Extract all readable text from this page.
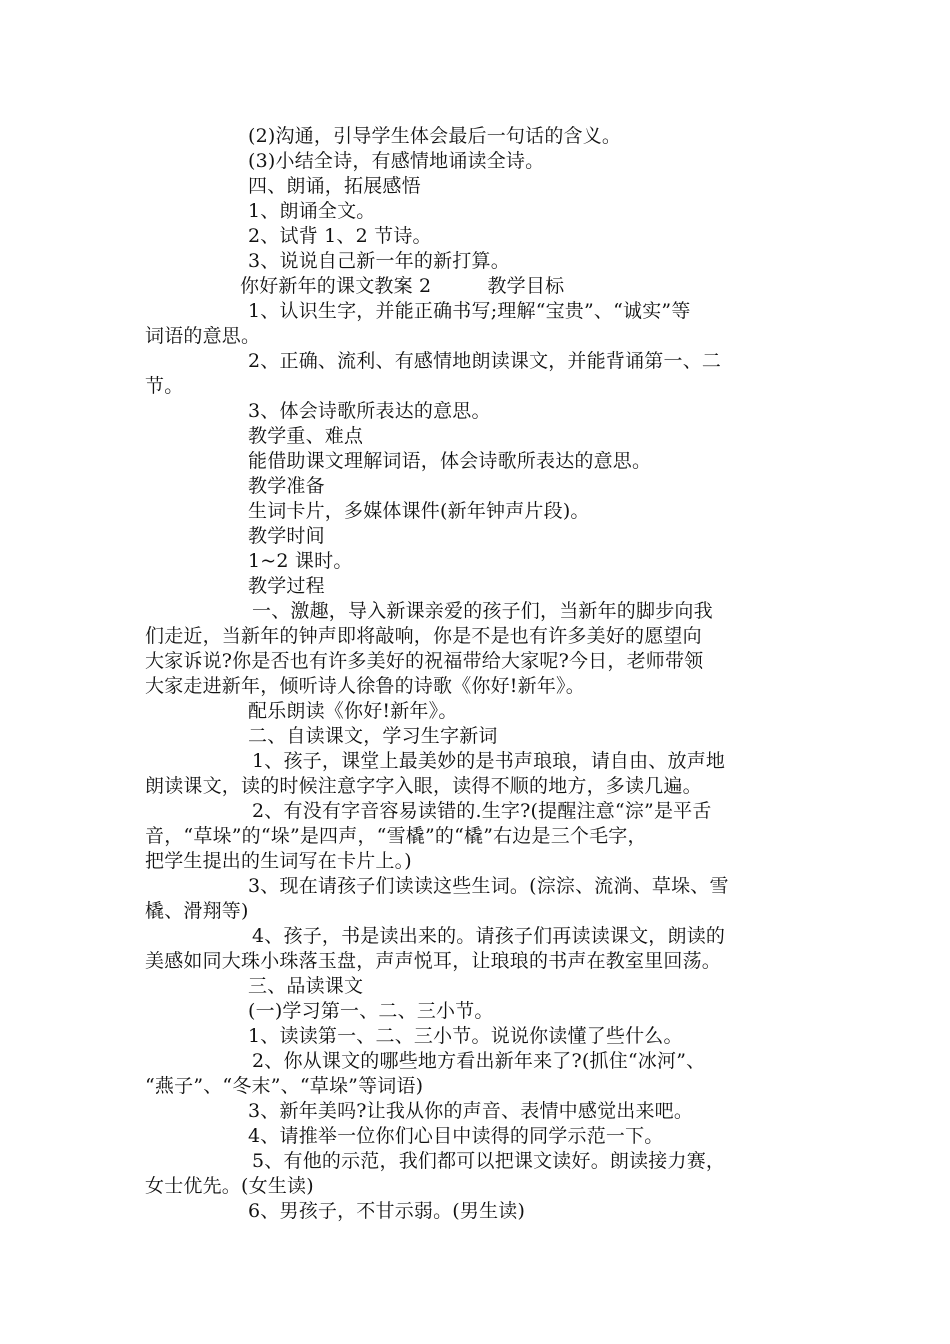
(2)沟通，引导学生体会最后一句话的含义。
(3)小结全诗，有感情地诵读全诗。
四、朗诵，拓展感悟
1、朗诵全文。
2、试背 1、2 节诗。
3、说说自己新一年的新打算。
你好新年的课文教案 2         教学目标
1、认识生字，并能正确书写;理解“宝贵”、“诚实”等
词语的意思。
2、正确、流利、有感情地朗读课文，并能背诵第一、二
节。
3、体会诗歌所表达的意思。
教学重、难点
能借助课文理解词语，体会诗歌所表达的意思。
教学准备
生词卡片，多媒体课件(新年钟声片段)。
教学时间
1~2 课时。
教学过程
一、激趣，导入新课亲爱的孩子们，当新年的脚步向我
们走近，当新年的钟声即将敲响，你是不是也有许多美好的愿望向
大家诉说?你是否也有许多美好的祝福带给大家呢?今日，老师带领
大家走进新年，倾听诗人徐鲁的诗歌《你好!新年》。
配乐朗读《你好!新年》。
二、自读课文，学习生字新词
1、孩子，课堂上最美妙的是书声琅琅，请自由、放声地
朗读课文，读的时候注意字字入眼，读得不顺的地方，多读几遍。
2、有没有字音容易读错的.生字?(提醒注意“淙”是平舌
音，“草垛”的“垛”是四声，“雪橇”的“橇”右边是三个毛字，
把学生提出的生词写在卡片上。)
3、现在请孩子们读读这些生词。(淙淙、流淌、草垛、雪
橇、滑翔等)
4、孩子，书是读出来的。请孩子们再读读课文，朗读的
美感如同大珠小珠落玉盘，声声悦耳，让琅琅的书声在教室里回荡。
三、品读课文
(一)学习第一、二、三小节。
1、读读第一、二、三小节。说说你读懂了些什么。
2、你从课文的哪些地方看出新年来了?(抓住“冰河”、
“燕子”、“冬末”、“草垛”等词语)
3、新年美吗?让我从你的声音、表情中感觉出来吧。
4、请推举一位你们心目中读得的同学示范一下。
5、有他的示范，我们都可以把课文读好。朗读接力赛，
女士优先。(女生读)
6、男孩子，不甘示弱。(男生读)
